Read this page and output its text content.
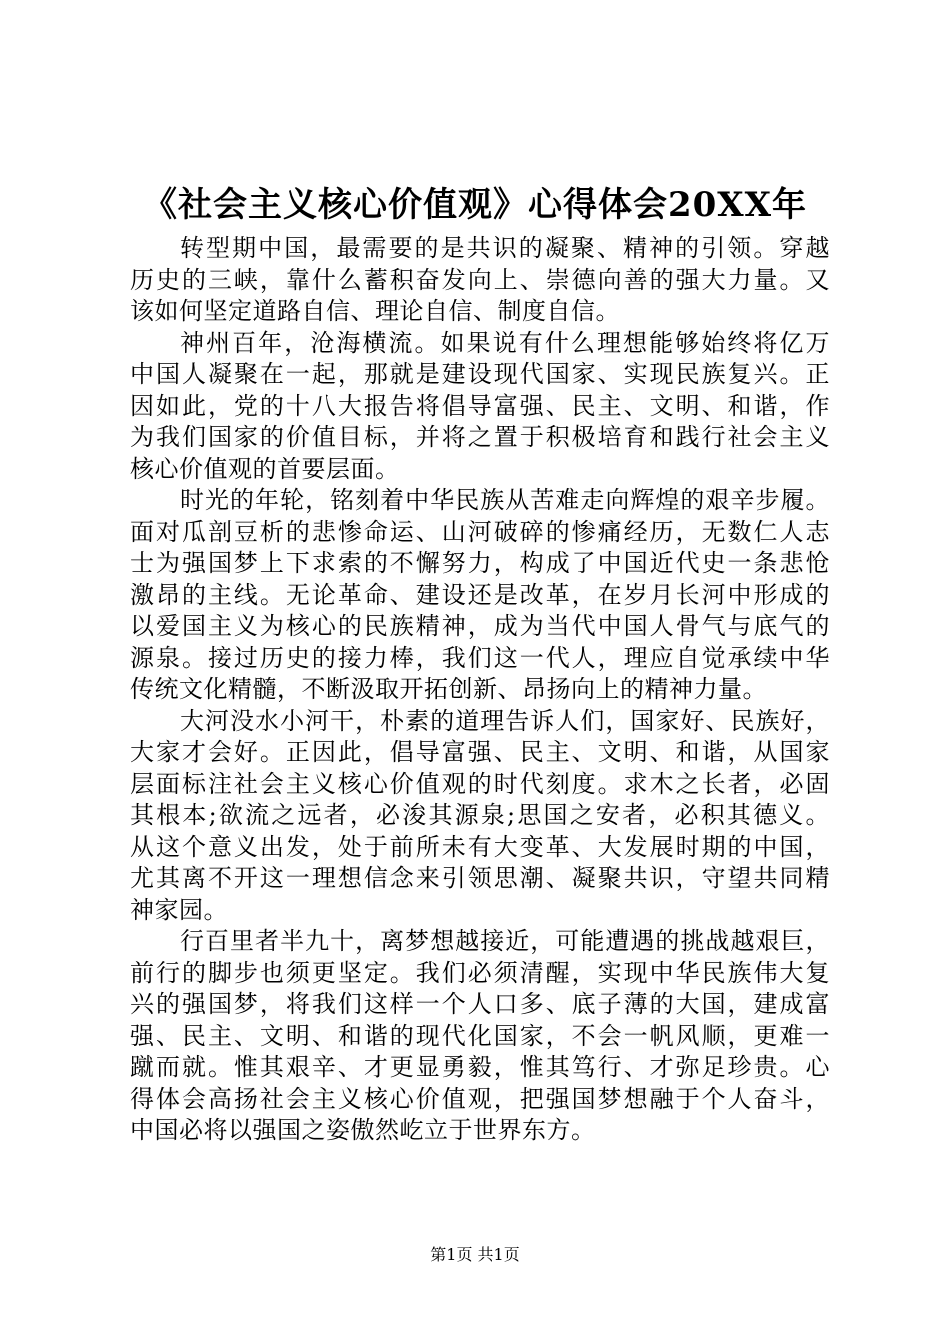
《社会主义核心价值观》心得体会20XX年
转型期中国，最需要的是共识的凝聚、精神的引领。穿越
历史的三峡，靠什么蓄积奋发向上、崇德向善的强大力量。又
该如何坚定道路自信、理论自信、制度自信。
神州百年，沧海横流。如果说有什么理想能够始终将亿万
中国人凝聚在一起，那就是建设现代国家、实现民族复兴。正
因如此，党的十八大报告将倡导富强、民主、文明、和谐，作
为我们国家的价值目标，并将之置于积极培育和践行社会主义
核心价值观的首要层面。
时光的年轮，铭刻着中华民族从苦难走向辉煌的艰辛步履。
面对瓜剖豆析的悲惨命运、山河破碎的惨痛经历，无数仁人志
士为强国梦上下求索的不懈努力，构成了中国近代史一条悲怆
激昂的主线。无论革命、建设还是改革，在岁月长河中形成的
以爱国主义为核心的民族精神，成为当代中国人骨气与底气的
源泉。接过历史的接力棒，我们这一代人，理应自觉承续中华
传统文化精髓，不断汲取开拓创新、昂扬向上的精神力量。
大河没水小河干，朴素的道理告诉人们，国家好、民族好，
大家才会好。正因此，倡导富强、民主、文明、和谐，从国家
层面标注社会主义核心价值观的时代刻度。求木之长者，必固
其根本;欲流之远者，必浚其源泉;思国之安者，必积其德义。
从这个意义出发，处于前所未有大变革、大发展时期的中国，
尤其离不开这一理想信念来引领思潮、凝聚共识，守望共同精
神家园。
行百里者半九十，离梦想越接近，可能遭遇的挑战越艰巨，
前行的脚步也须更坚定。我们必须清醒，实现中华民族伟大复
兴的强国梦，将我们这样一个人口多、底子薄的大国，建成富
强、民主、文明、和谐的现代化国家，不会一帆风顺，更难一
蹴而就。惟其艰辛、才更显勇毅，惟其笃行、才弥足珍贵。心
得体会高扬社会主义核心价值观，把强国梦想融于个人奋斗，
中国必将以强国之姿傲然屹立于世界东方。
第1页 共1页
